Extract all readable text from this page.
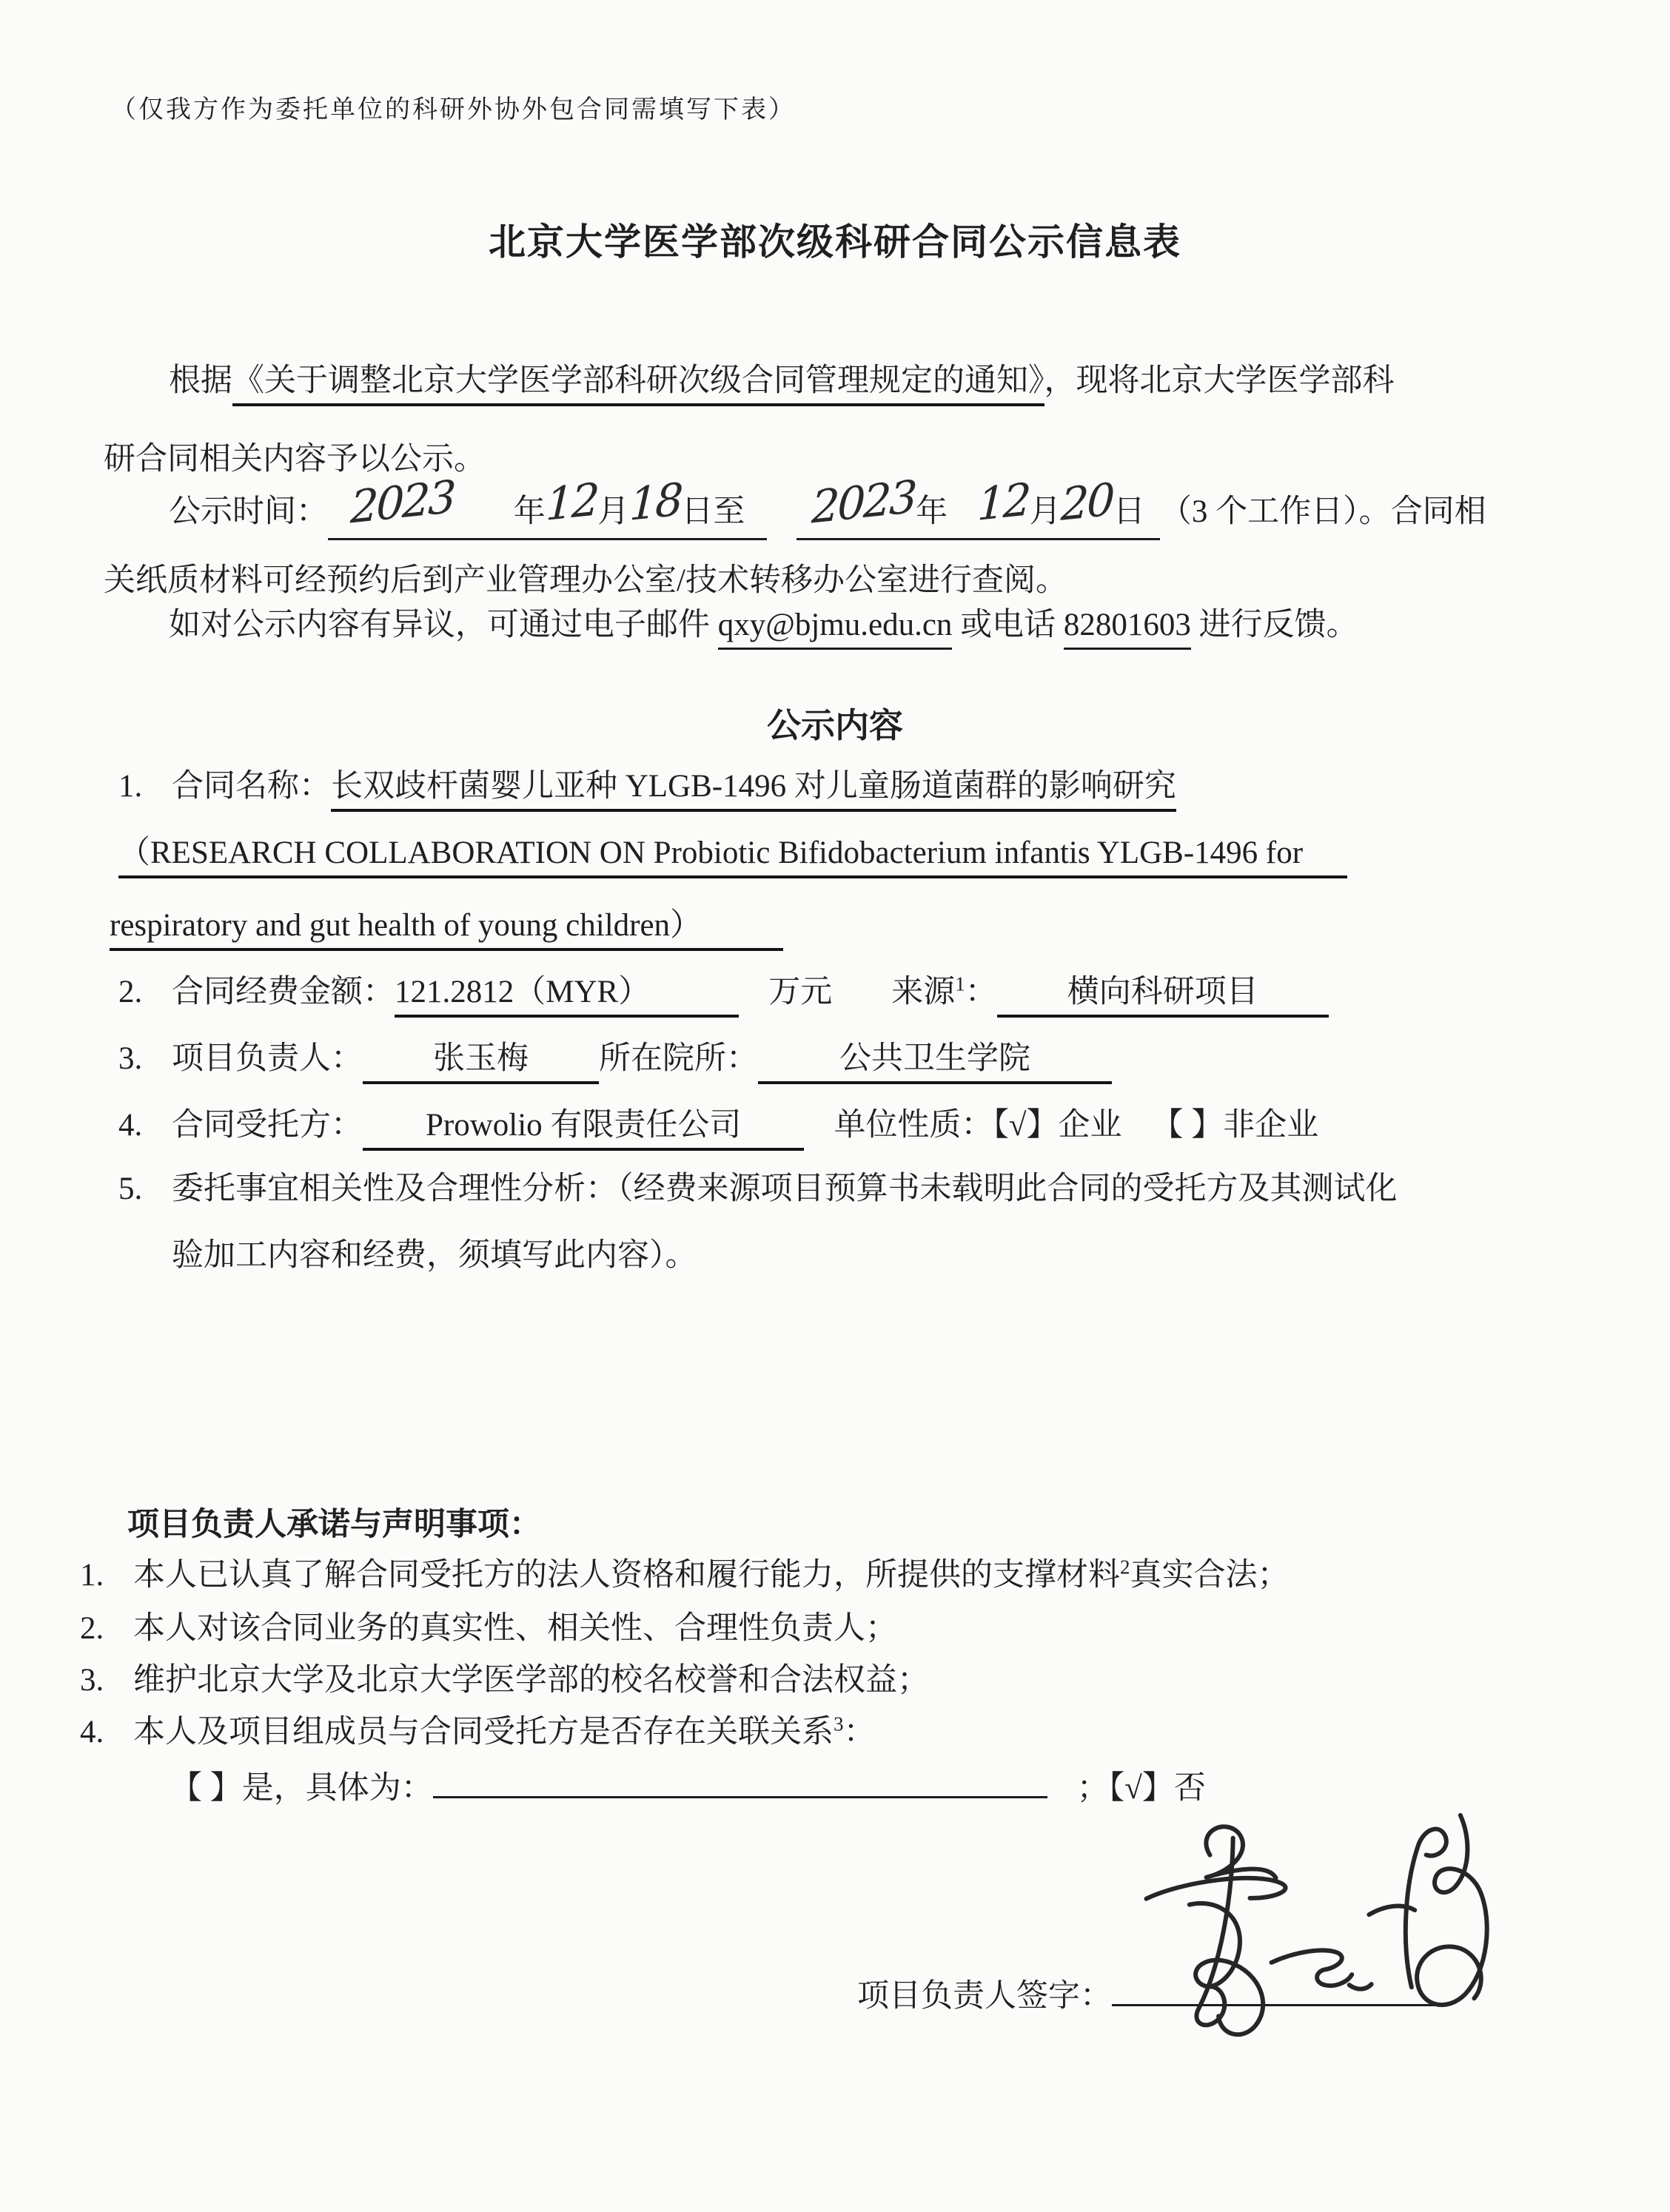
（仅我方作为委托单位的科研外协外包合同需填写下表）
北京大学医学部次级科研合同公示信息表
根据《关于调整北京大学医学部科研次级合同管理规定的通知》，现将北京大学医学部科
研合同相关内容予以公示。
公示时间： 2023 年12月18日至 2023年 12月20日 （3 个工作日）。合同相
关纸质材料可经预约后到产业管理办公室/技术转移办公室进行查阅。
如对公示内容有异议，可通过电子邮件 qxy@bjmu.edu.cn 或电话 82801603 进行反馈。
公示内容
1. 合同名称：长双歧杆菌婴儿亚种 YLGB-1496 对儿童肠道菌群的影响研究
（RESEARCH COLLABORATION ON Probiotic Bifidobacterium infantis YLGB-1496 for
respiratory and gut health of young children）
2. 合同经费金额：121.2812（MYR）	万元 来源$^1$： 横向科研项目
3. 项目负责人： 张玉梅 所在院所：	公共卫生学院
4. 合同受托方： Prowolio 有限责任公司	单位性质：【√】企业 【 】非企业
5. 委托事宜相关性及合理性分析：（经费来源项目预算书未载明此合同的受托方及其测试化
验加工内容和经费，须填写此内容）。
项目负责人承诺与声明事项：
1. 本人已认真了解合同受托方的法人资格和履行能力，所提供的支撑材料$^2$真实合法；
2. 本人对该合同业务的真实性、相关性、合理性负责人；
3. 维护北京大学及北京大学医学部的校名校誉和合法权益；
4. 本人及项目组成员与合同受托方是否存在关联关系$^3$：
【 】是，具体为：	；【√】否
项目负责人签字：
